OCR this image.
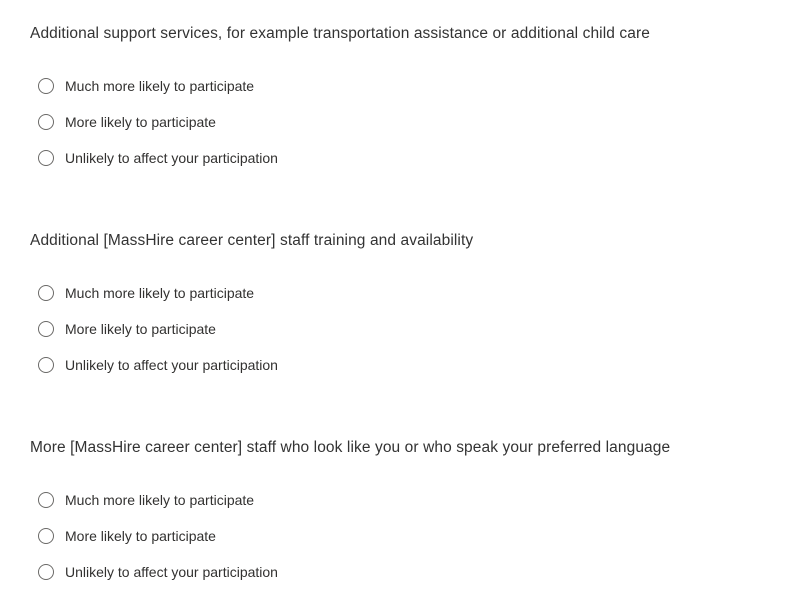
Additional support services, for example transportation assistance or additional child care
Much more likely to participate
More likely to participate
Unlikely to affect your participation
Additional [MassHire career center] staff training and availability
Much more likely to participate
More likely to participate
Unlikely to affect your participation
More [MassHire career center] staff who look like you or who speak your preferred language
Much more likely to participate
More likely to participate
Unlikely to affect your participation
